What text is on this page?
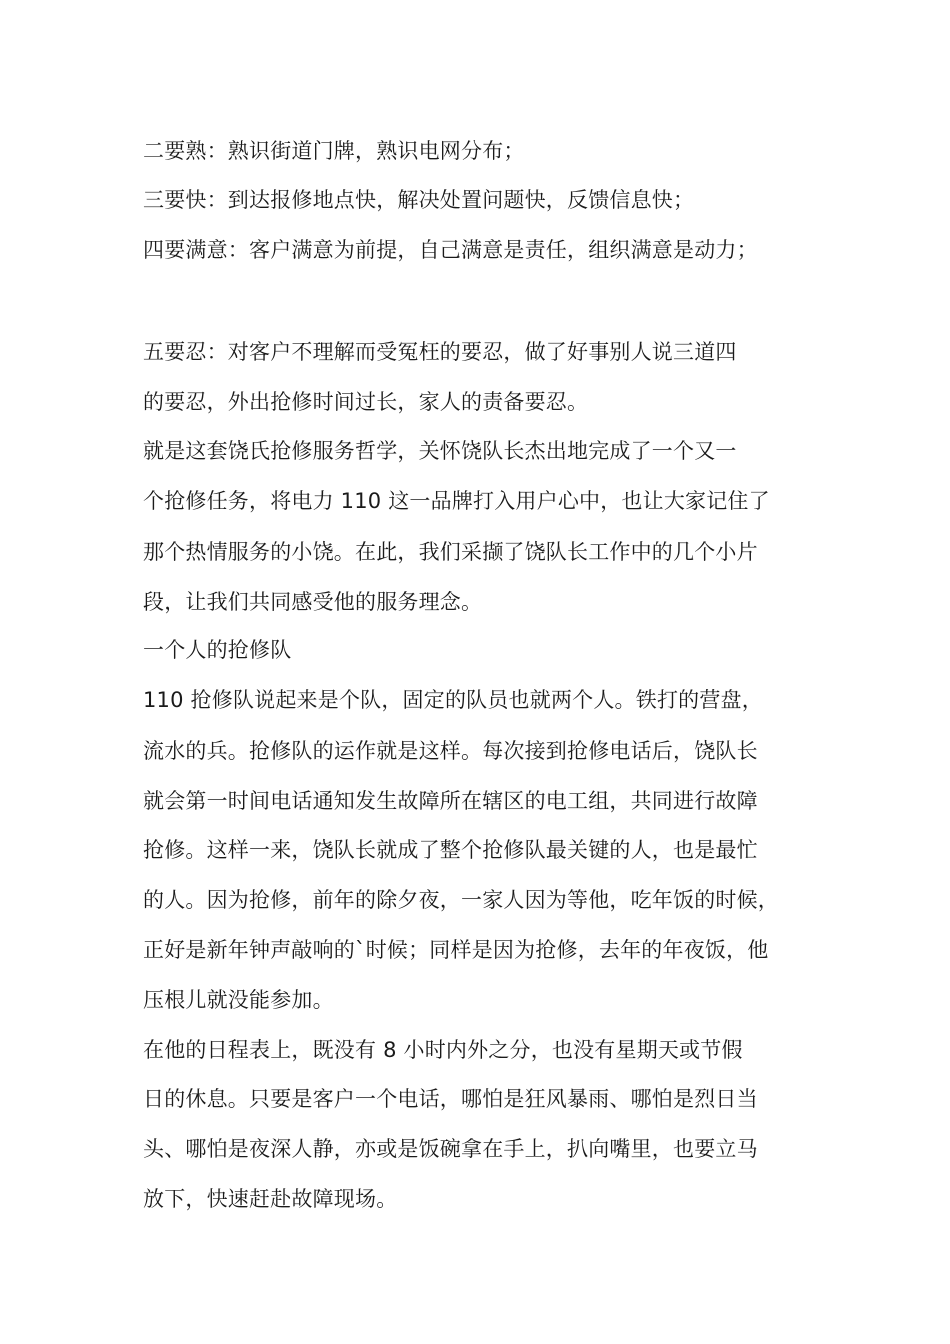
二要熟：熟识街道门牌，熟识电网分布；
三要快：到达报修地点快，解决处置问题快，反馈信息快；
四要满意：客户满意为前提，自己满意是责任，组织满意是动力；
五要忍：对客户不理解而受冤枉的要忍，做了好事别人说三道四
的要忍，外出抢修时间过长，家人的责备要忍。
就是这套饶氏抢修服务哲学，关怀饶队长杰出地完成了一个又一
个抢修任务，将电力 110 这一品牌打入用户心中，也让大家记住了
那个热情服务的小饶。在此，我们采撷了饶队长工作中的几个小片
段，让我们共同感受他的服务理念。
一个人的抢修队
110 抢修队说起来是个队，固定的队员也就两个人。铁打的营盘，
流水的兵。抢修队的运作就是这样。每次接到抢修电话后，饶队长
就会第一时间电话通知发生故障所在辖区的电工组，共同进行故障
抢修。这样一来，饶队长就成了整个抢修队最关键的人，也是最忙
的人。因为抢修，前年的除夕夜，一家人因为等他，吃年饭的时候，
正好是新年钟声敲响的`时候；同样是因为抢修，去年的年夜饭，他
压根儿就没能参加。
在他的日程表上，既没有 8 小时内外之分，也没有星期天或节假
日的休息。只要是客户一个电话，哪怕是狂风暴雨、哪怕是烈日当
头、哪怕是夜深人静，亦或是饭碗拿在手上，扒向嘴里，也要立马
放下，快速赶赴故障现场。
